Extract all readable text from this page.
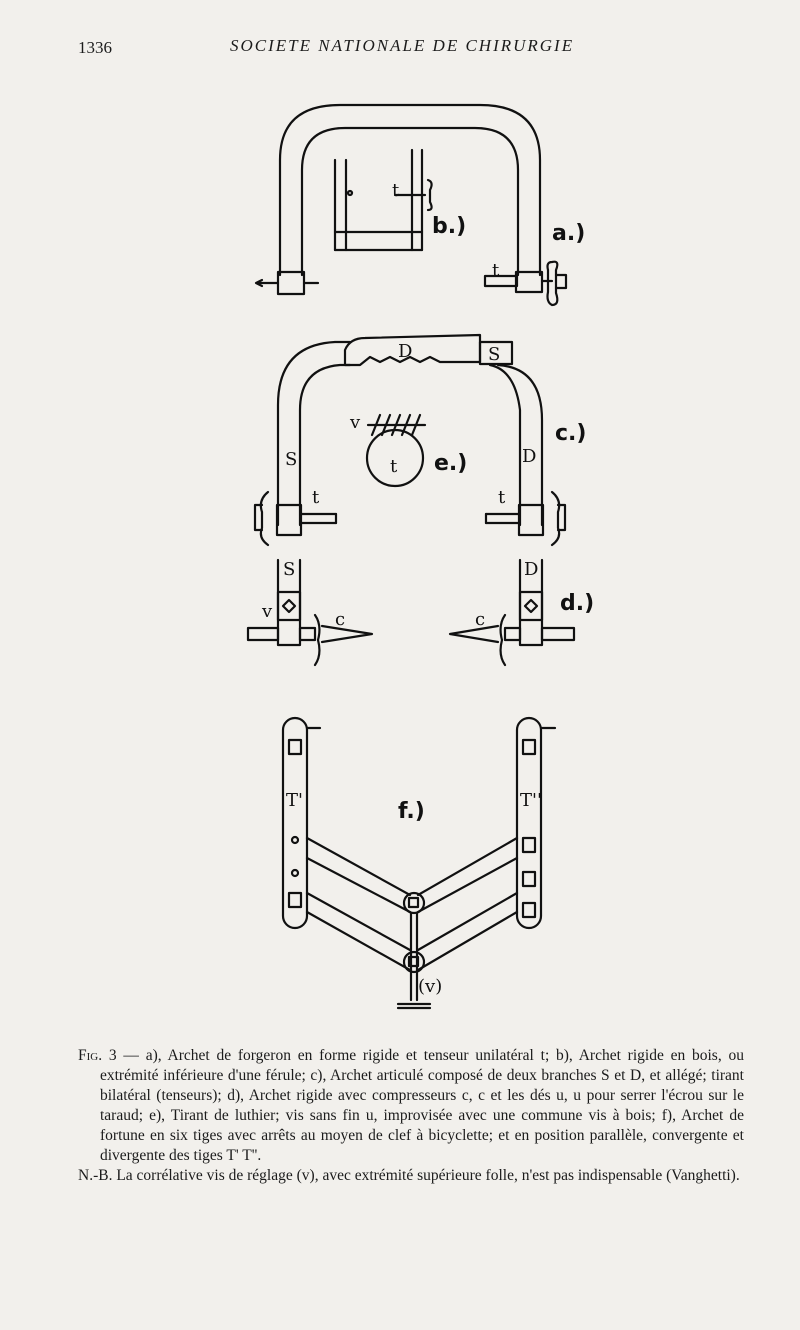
1336	SOCIETE NATIONALE DE CHIRURGIE
b.)	a.)
t
t
D	S
c.)
S	D
v
t e.)
t	t
S	D
d.)
v	c	c
T'	T''
f.)
(v)

Fig. 3 — a), Archet de forgeron en forme rigide et tenseur unilatéral t; b), Archet rigide en bois, ou extrémité inférieure d'une férule; c), Archet articulé composé de deux branches S et D, et allégé; tirant bilatéral (tenseurs); d), Archet rigide avec compresseurs c, c et les dés u, u pour serrer l'écrou sur le taraud; e), Tirant de luthier; vis sans fin u, improvisée avec une commune vis à bois; f), Archet de fortune en six tiges avec arrêts au moyen de clef à bicyclette; et en position parallèle, convergente et divergente des tiges T' T''.

N.-B. La corrélative vis de réglage (v), avec extrémité supérieure folle, n'est pas indispensable (Vanghetti).
